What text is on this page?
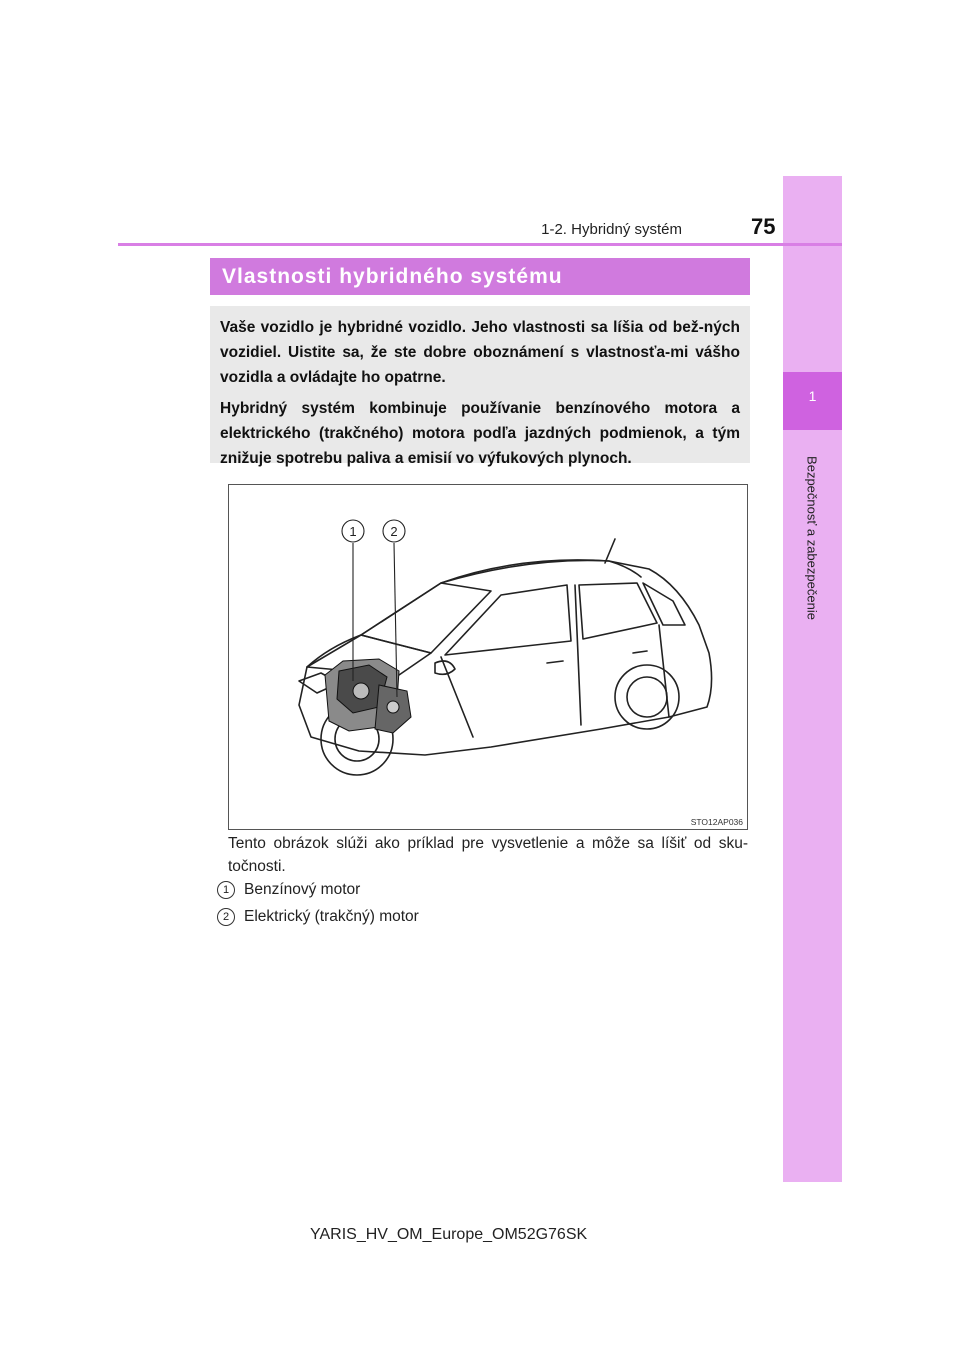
1
Bezpečnosť a zabezpečenie
1-2. Hybridný systém	75
Vlastnosti hybridného systému

Vaše vozidlo je hybridné vozidlo. Jeho vlastnosti sa líšia od bež-ných vozidiel. Uistite sa, že ste dobre oboznámení s vlastnosťa-mi vášho vozidla a ovládajte ho opatrne.

Hybridný systém kombinuje používanie benzínového motora a elektrického (trakčného) motora podľa jazdných podmienok, a tým znižuje spotrebu paliva a emisií vo výfukových plynoch.

1	2
STO12AP036
Tento obrázok slúži ako príklad pre vysvetlenie a môže sa líšiť od sku-točnosti.
1 Benzínový motor
2 Elektrický (trakčný) motor
YARIS_HV_OM_Europe_OM52G76SK
